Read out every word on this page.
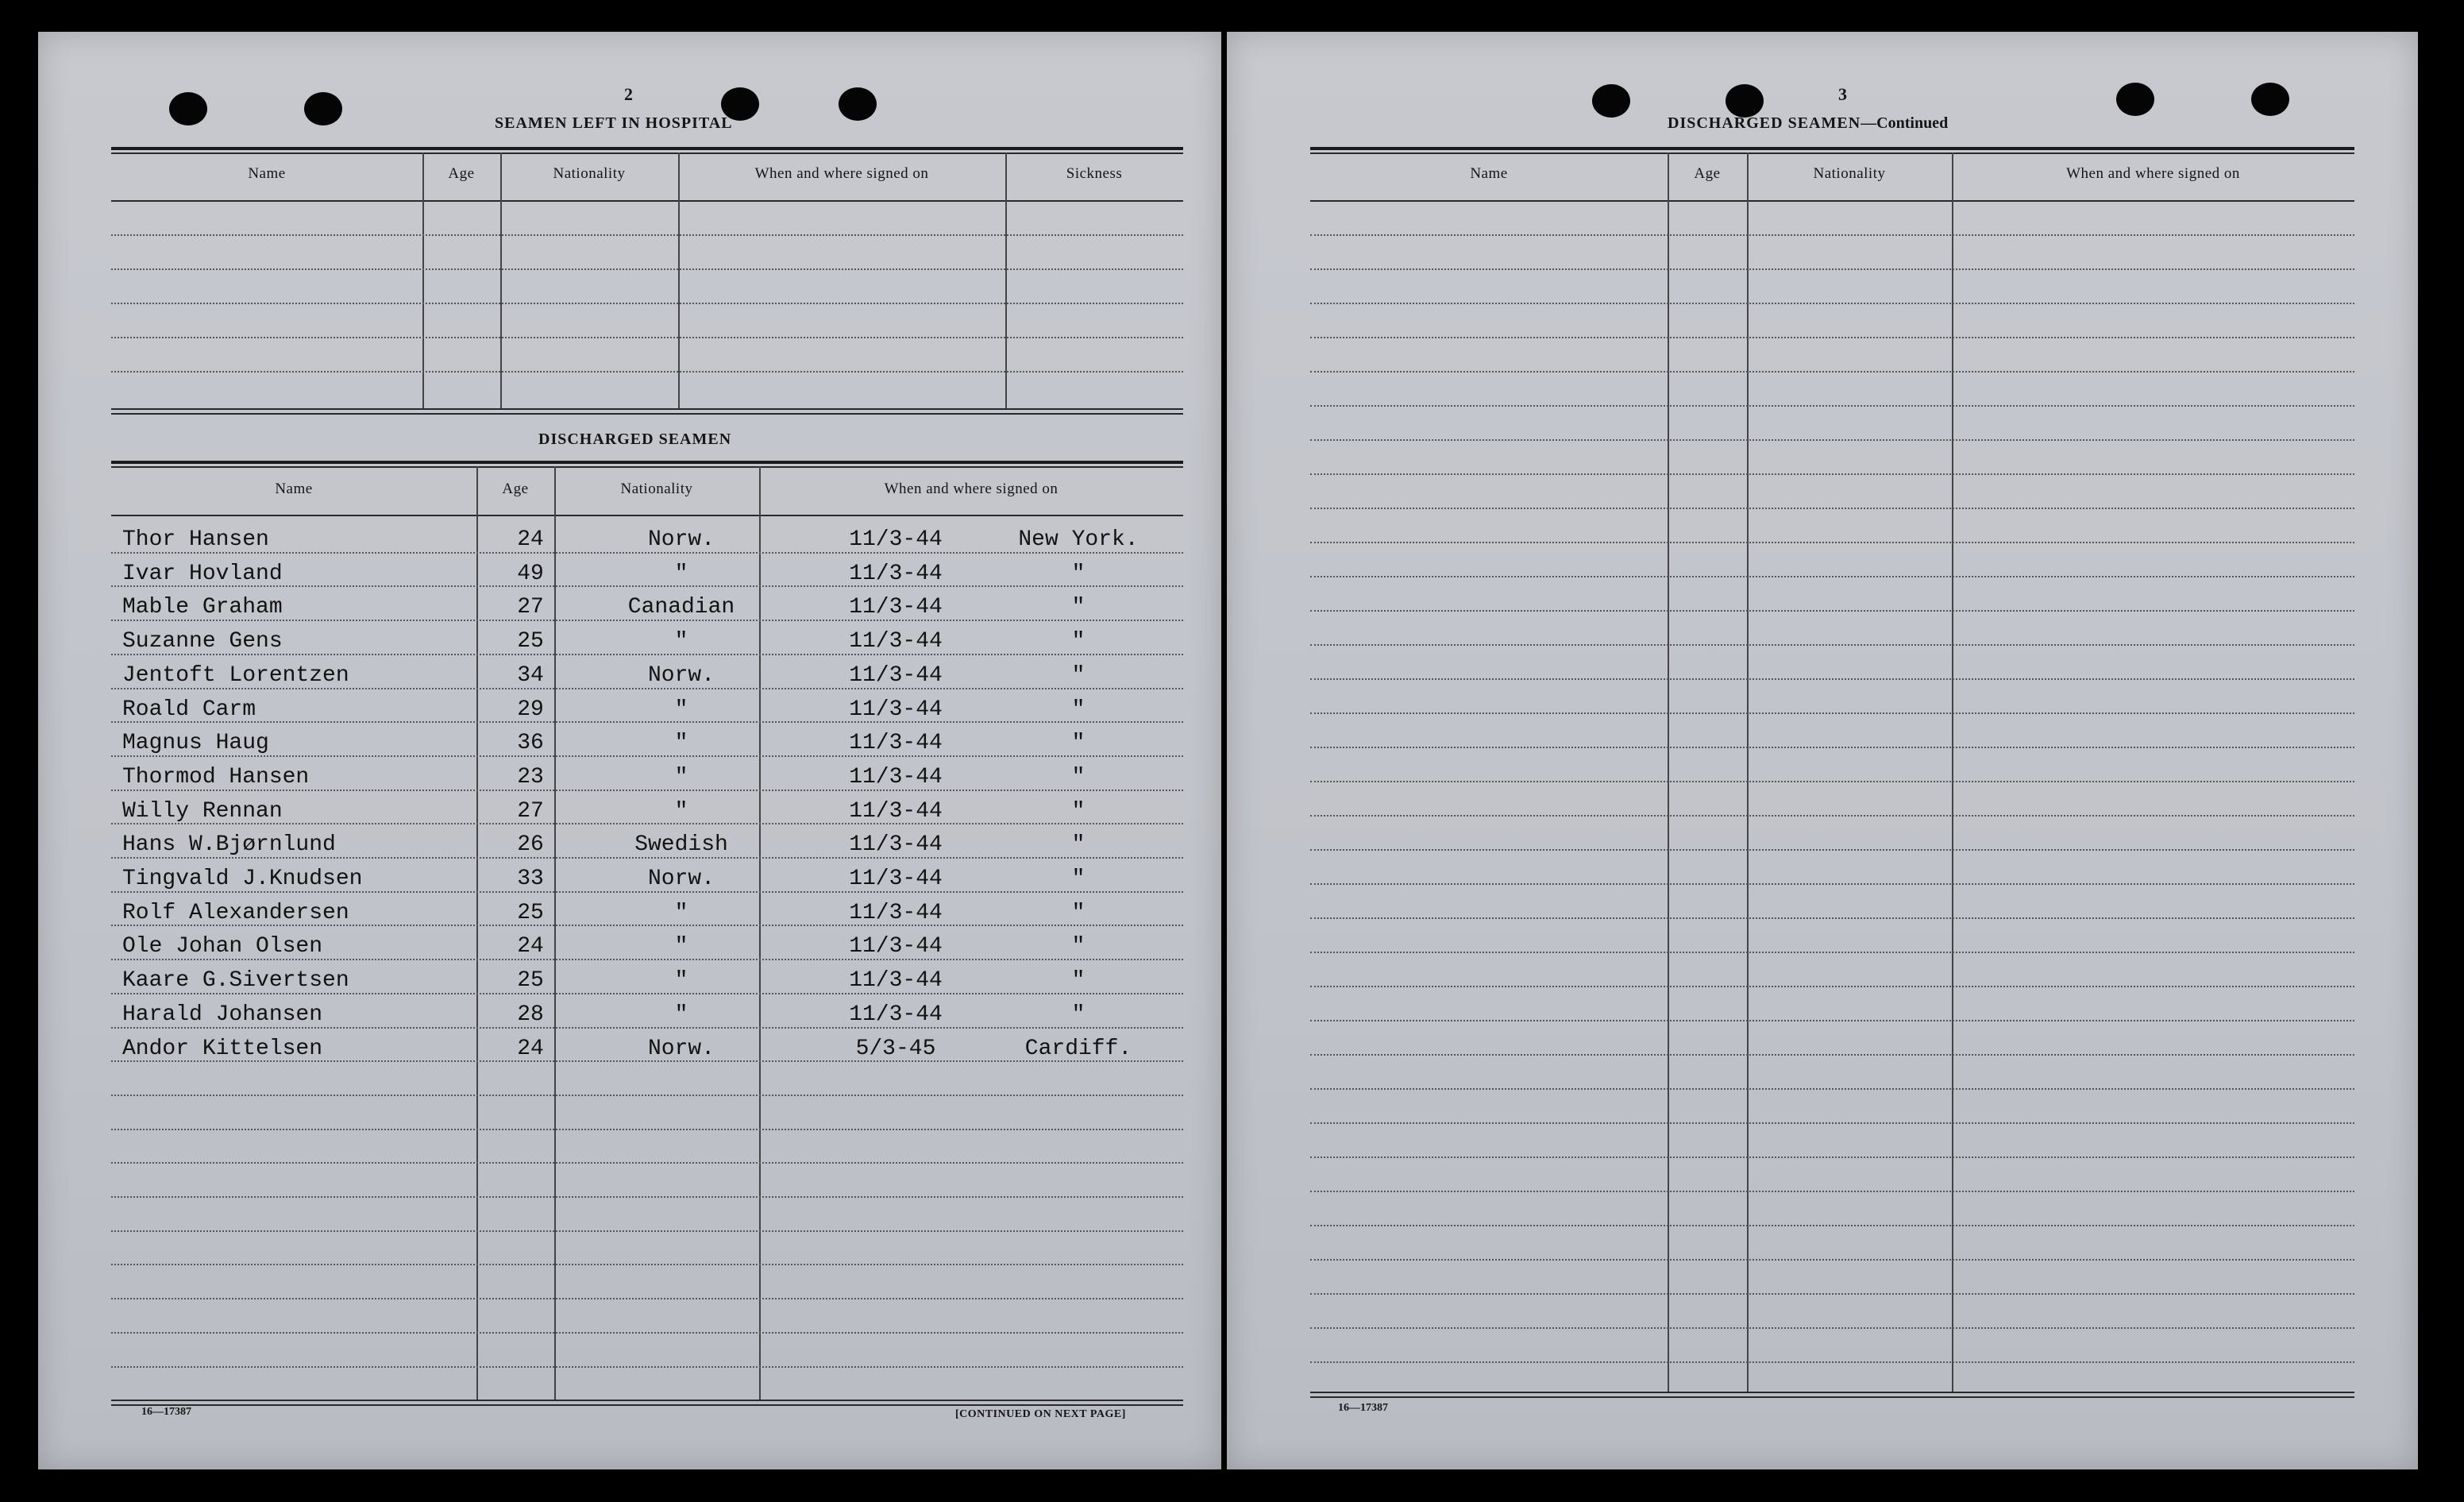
2
SEAMEN LEFT IN HOSPITAL
Name	Age	Nationality	When and where signed on	Sickness
DISCHARGED SEAMEN
Name	Age	Nationality	When and where signed on
Thor Hansen	24	Norw.	11/3-44	New York.
Ivar Hovland	49	"	11/3-44	"
Mable Graham	27	Canadian	11/3-44	"
Suzanne Gens	25	"	11/3-44	"
Jentoft Lorentzen	34	Norw.	11/3-44	"
Roald Carm	29	"	11/3-44	"
Magnus Haug	36	"	11/3-44	"
Thormod Hansen	23	"	11/3-44	"
Willy Rennan	27	"	11/3-44	"
Hans W.Bjørnlund	26	Swedish	11/3-44	"
Tingvald J.Knudsen	33	Norw.	11/3-44	"
Rolf Alexandersen	25	"	11/3-44	"
Ole Johan Olsen	24	"	11/3-44	"
Kaare G.Sivertsen	25	"	11/3-44	"
Harald Johansen	28	"	11/3-44	"
Andor Kittelsen	24	Norw.	5/3-45	Cardiff.
16—17387	[CONTINUED ON NEXT PAGE]
3
DISCHARGED SEAMEN—Continued
Name	Age	Nationality	When and where signed on
16—17387
